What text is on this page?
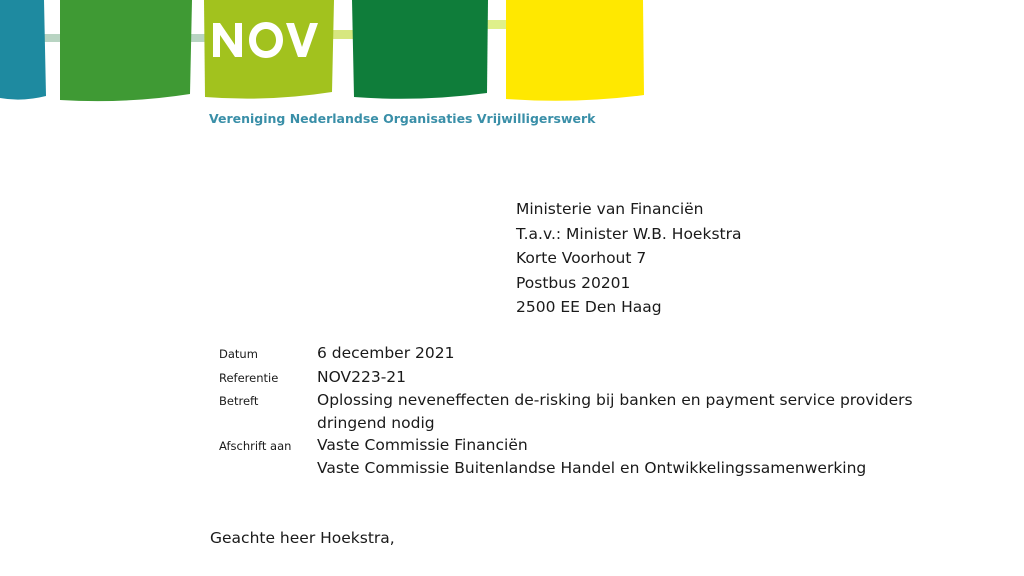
Vereniging Nederlandse Organisaties Vrijwilligerswerk
Ministerie van Financiën
T.a.v.: Minister W.B. Hoekstra
Korte Voorhout 7
Postbus 20201
2500 EE Den Haag
Datum	6 december 2021
Referentie	NOV223-21
Betreft	Oplossing neveneffecten de-risking bij banken en payment service providers
dringend nodig
Afschrift aan	Vaste Commissie Financiën
Vaste Commissie Buitenlandse Handel en Ontwikkelingssamenwerking
Geachte heer Hoekstra,
